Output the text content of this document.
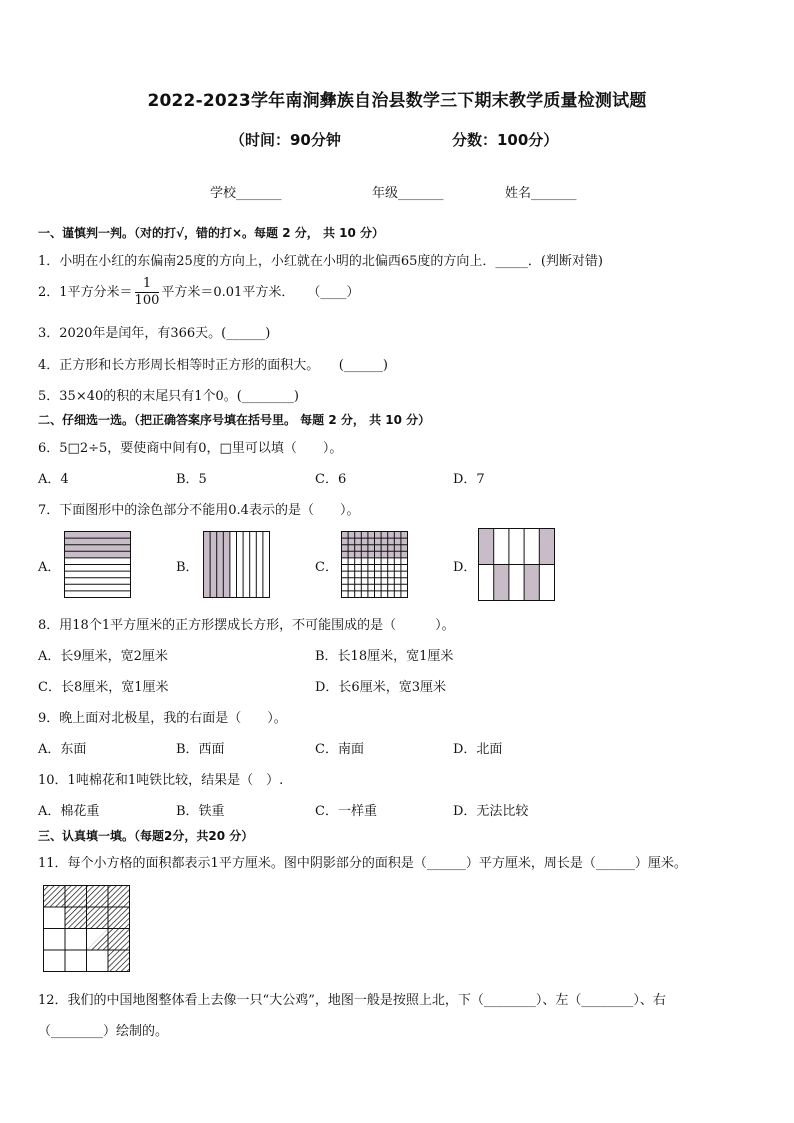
2022-2023学年南涧彝族自治县数学三下期末教学质量检测试题
（时间：90分钟	分数：100分）
学校_______	年级_______	姓名_______
一、谨慎判一判。（对的打√，错的打×。每题 2 分， 共 10 分）
1．小明在小红的东偏南25度的方向上，小红就在小明的北偏西65度的方向上．_____．(判断对错)
2．1平方分米＝ $\frac{1}{100}$ 平方米＝0.01平方米．　　（____）
3．2020年是闰年，有366天。(______)
4．正方形和长方形周长相等时正方形的面积大。　　(______)
5．35×40的积的末尾只有1个0。(________)
二、仔细选一选。（把正确答案序号填在括号里。 每题 2 分， 共 10 分）
6．5□2÷5，要使商中间有0，□里可以填（　　）。
A．4	B．5	C．6	D．7
7．下面图形中的涂色部分不能用0.4表示的是（　　）。
A．	B．	C．	D．
8．用18个1平方厘米的正方形摆成长方形，不可能围成的是（　　　）。
A．长9厘米，宽2厘米	B．长18厘米，宽1厘米
C．长8厘米，宽1厘米	D．长6厘米，宽3厘米
9．晚上面对北极星，我的右面是（　　）。
A．东面	B．西面	C．南面	D．北面
10．1吨棉花和1吨铁比较，结果是（　）.
A．棉花重	B．铁重	C．一样重	D．无法比较
三、认真填一填。（每题2分，共20 分）
11．每个小方格的面积都表示1平方厘米。图中阴影部分的面积是（______）平方厘米，周长是（______）厘米。
12．我们的中国地图整体看上去像一只“大公鸡”，地图一般是按照上北，下（________）、左（________）、右
（________）绘制的。
